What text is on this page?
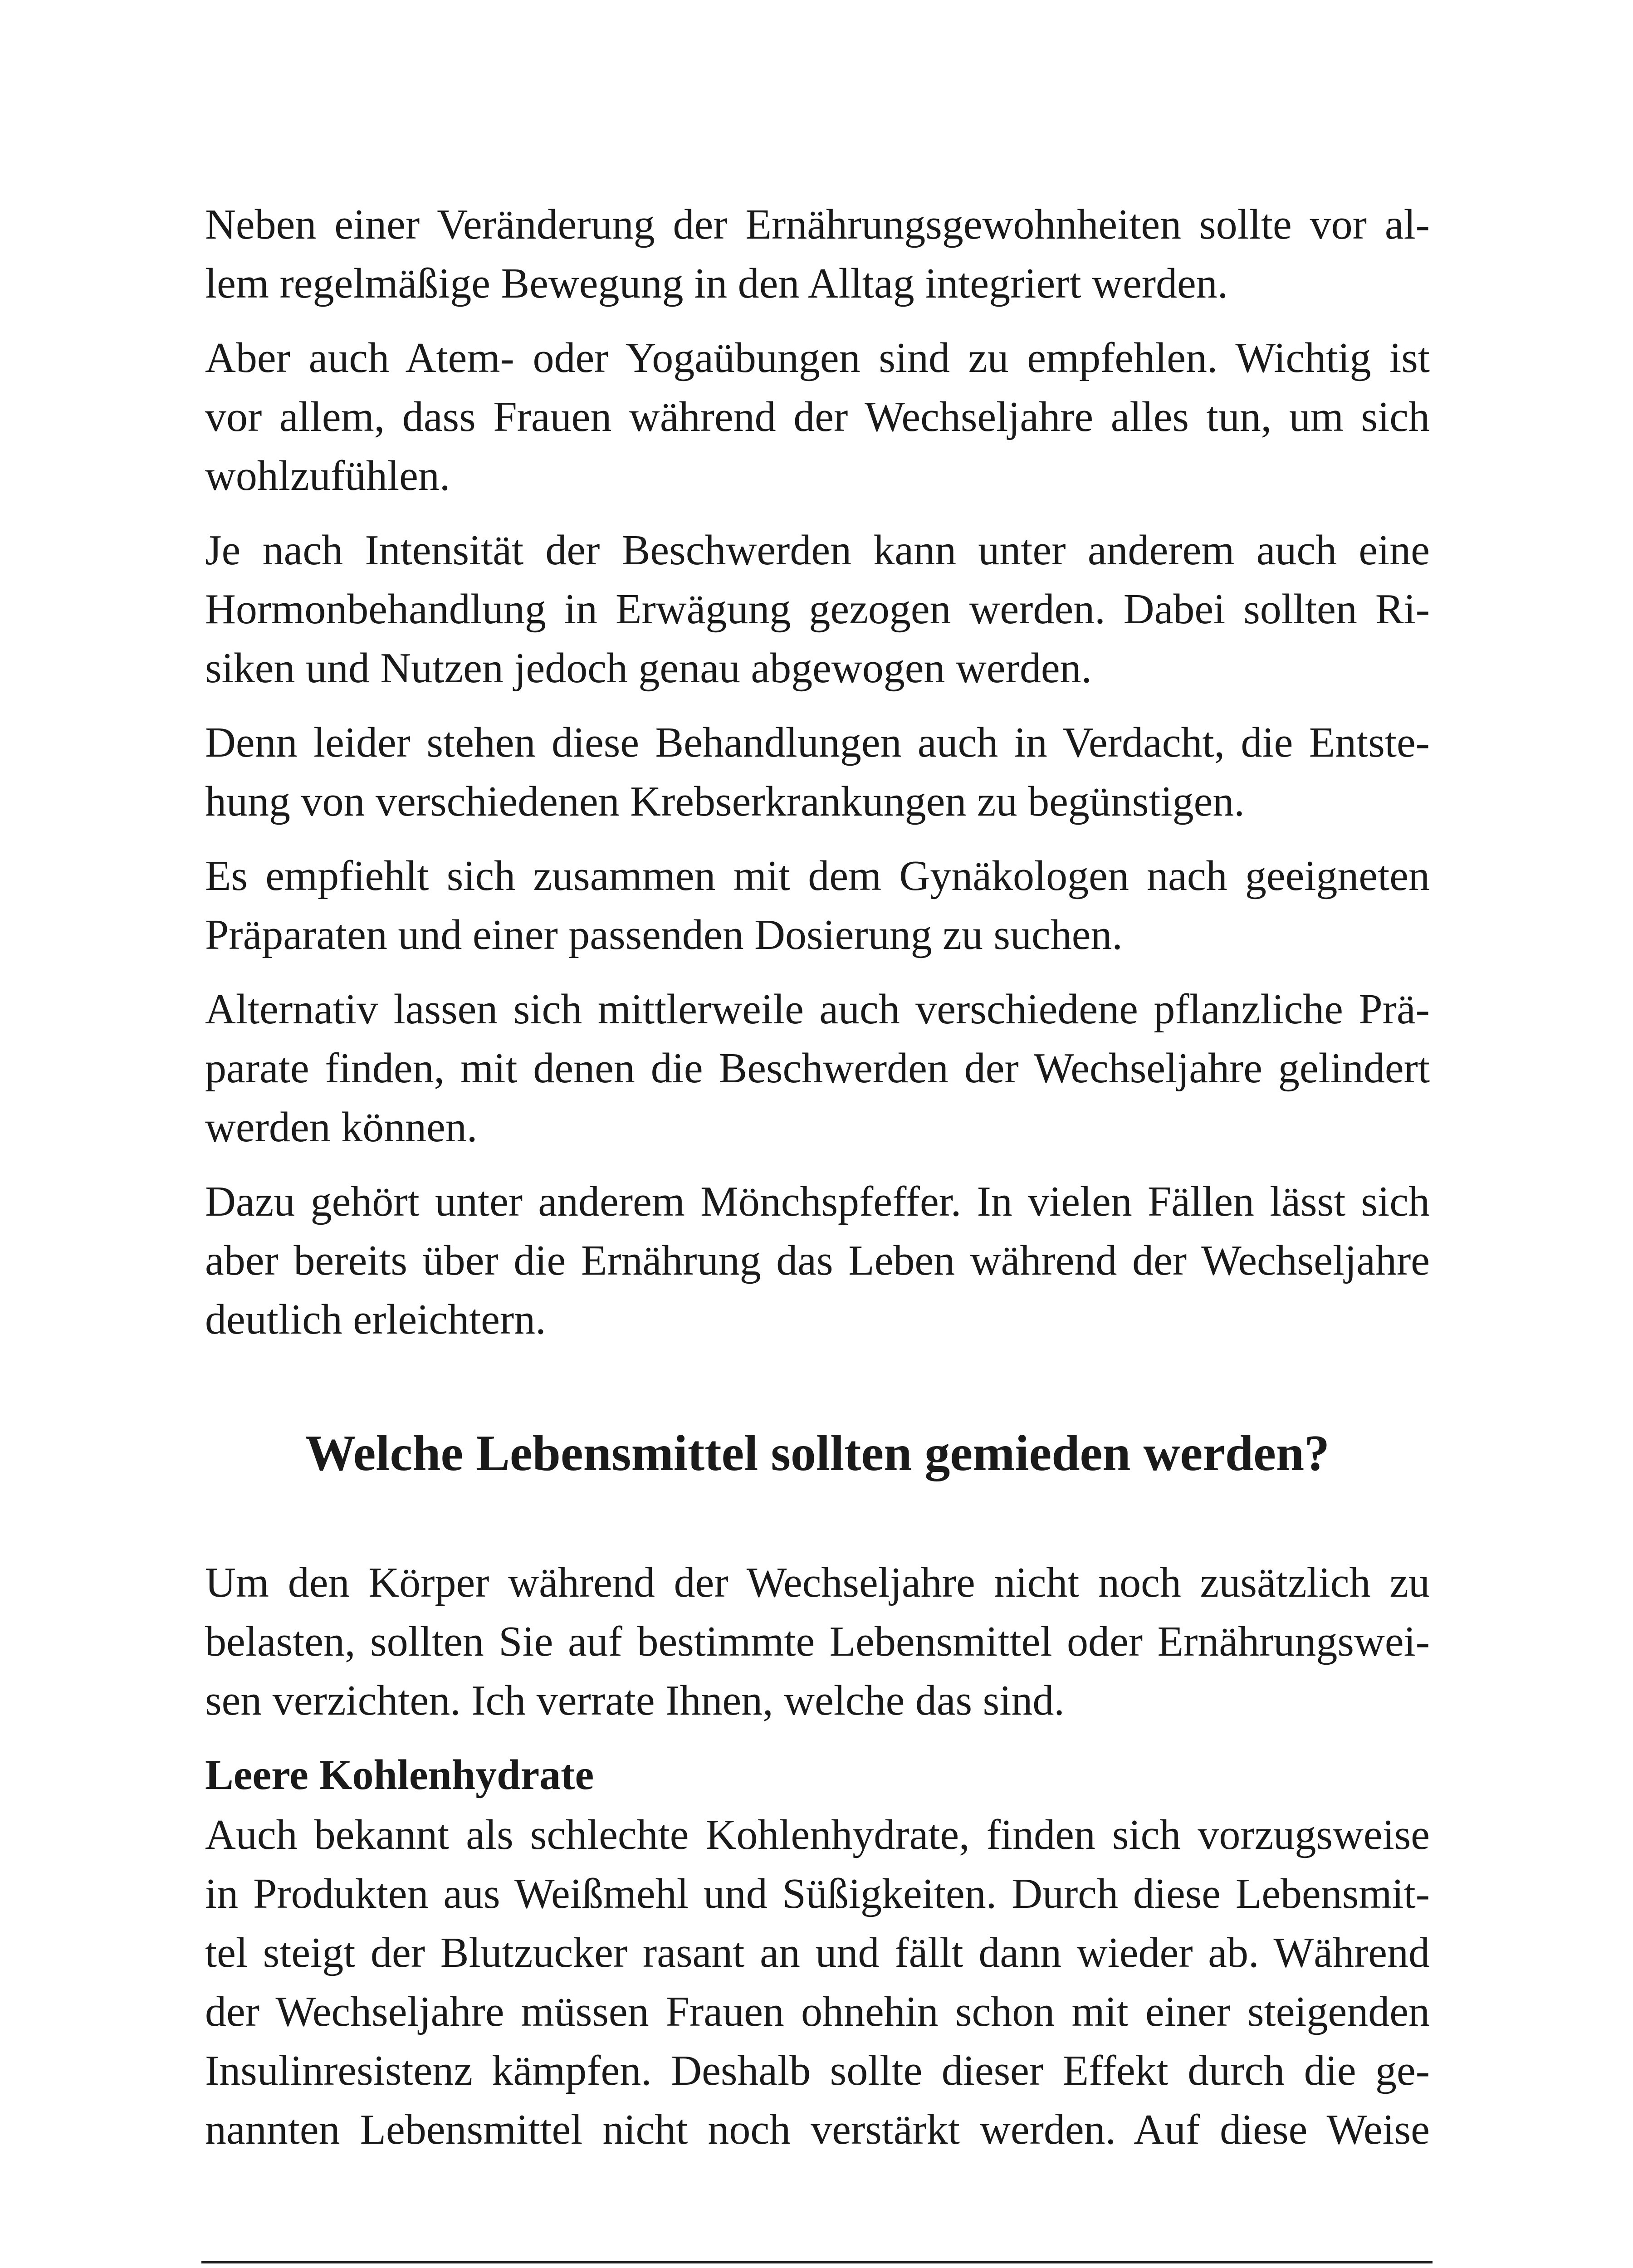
Neben einer Veränderung der Ernährungsgewohnheiten sollte vor al-
lem regelmäßige Bewegung in den Alltag integriert werden.

Aber auch Atem- oder Yogaübungen sind zu empfehlen. Wichtig ist
vor allem, dass Frauen während der Wechseljahre alles tun, um sich
wohlzufühlen.

Je nach Intensität der Beschwerden kann unter anderem auch eine
Hormonbehandlung in Erwägung gezogen werden. Dabei sollten Ri-
siken und Nutzen jedoch genau abgewogen werden.

Denn leider stehen diese Behandlungen auch in Verdacht, die Entste-
hung von verschiedenen Krebserkrankungen zu begünstigen.

Es empfiehlt sich zusammen mit dem Gynäkologen nach geeigneten
Präparaten und einer passenden Dosierung zu suchen.

Alternativ lassen sich mittlerweile auch verschiedene pflanzliche Prä-
parate finden, mit denen die Beschwerden der Wechseljahre gelindert
werden können.

Dazu gehört unter anderem Mönchspfeffer. In vielen Fällen lässt sich
aber bereits über die Ernährung das Leben während der Wechseljahre
deutlich erleichtern.

Welche Lebensmittel sollten gemieden werden?

Um den Körper während der Wechseljahre nicht noch zusätzlich zu
belasten, sollten Sie auf bestimmte Lebensmittel oder Ernährungswei-
sen verzichten. Ich verrate Ihnen, welche das sind.

Leere Kohlenhydrate

Auch bekannt als schlechte Kohlenhydrate, finden sich vorzugsweise
in Produkten aus Weißmehl und Süßigkeiten. Durch diese Lebensmit-
tel steigt der Blutzucker rasant an und fällt dann wieder ab. Während
der Wechseljahre müssen Frauen ohnehin schon mit einer steigenden
Insulinresistenz kämpfen. Deshalb sollte dieser Effekt durch die ge-
nannten Lebensmittel nicht noch verstärkt werden. Auf diese Weise
